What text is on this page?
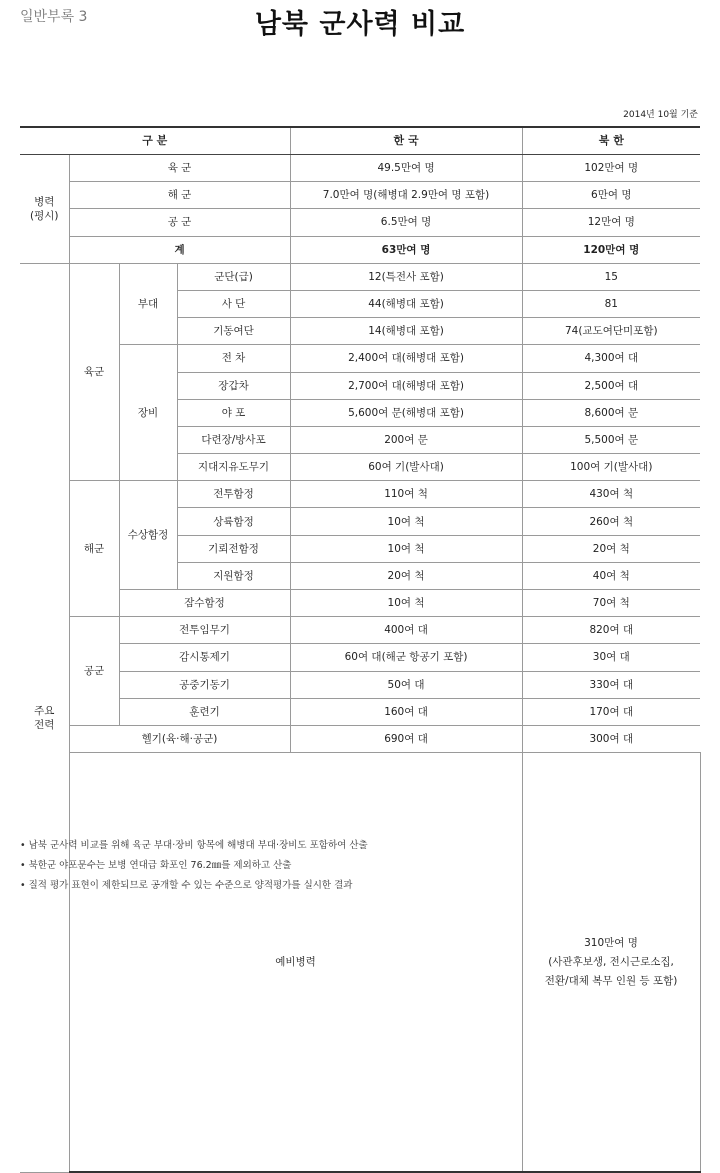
일반부록 3	남북 군사력 비교
2014년 10월 기준
구 분				한 국	북 한	

병력
(평시)	육 군			49.5만여 명	102만여 명	
	해 군			7.0만여 명(해병대 2.9만여 명 포함)	6만여 명	
	공 군			6.5만여 명	12만여 명	
	계			63만여 명	120만여 명	

주요
전력	육군	부대	군단(급)	12(특전사 포함)	15	
			사 단	44(해병대 포함)	81	
			기동여단	14(해병대 포함)	74(교도여단미포함)	
		장비	전 차	2,400여 대(해병대 포함)	4,300여 대	
			장갑차	2,700여 대(해병대 포함)	2,500여 대	
			야 포	5,600여 문(해병대 포함)	8,600여 문	
			다련장/방사포	200여 문	5,500여 문	
			지대지유도무기	60여 기(발사대)	100여 기(발사대)	
	해군	수상함정	전투함정	110여 척	430여 척	
			상륙함정	10여 척	260여 척	
			기뢰전함정	10여 척	20여 척	
			지원함정	20여 척	40여 척	
		잠수함정		10여 척	70여 척	
	공군	전투임무기		400여 대	820여 대	
		감시통제기		60여 대(해군 항공기 포함)	30여 대	
		공중기동기		50여 대	330여 대	
		훈련기		160여 대	170여 대	
	헬기(육·해·공군)			690여 대	300여 대	
	예비병력				310만여 명
(사관후보생, 전시근로소집,
전환/대체 복무 인원 등 포함)

• 남북 군사력 비교를 위해 육군 부대·장비 항목에 해병대 부대·장비도 포함하여 산출
• 북한군 야포문수는 보병 연대급 화포인 76.2㎜를 제외하고 산출
• 질적 평가 표현이 제한되므로 공개할 수 있는 수준으로 양적평가를 실시한 결과
